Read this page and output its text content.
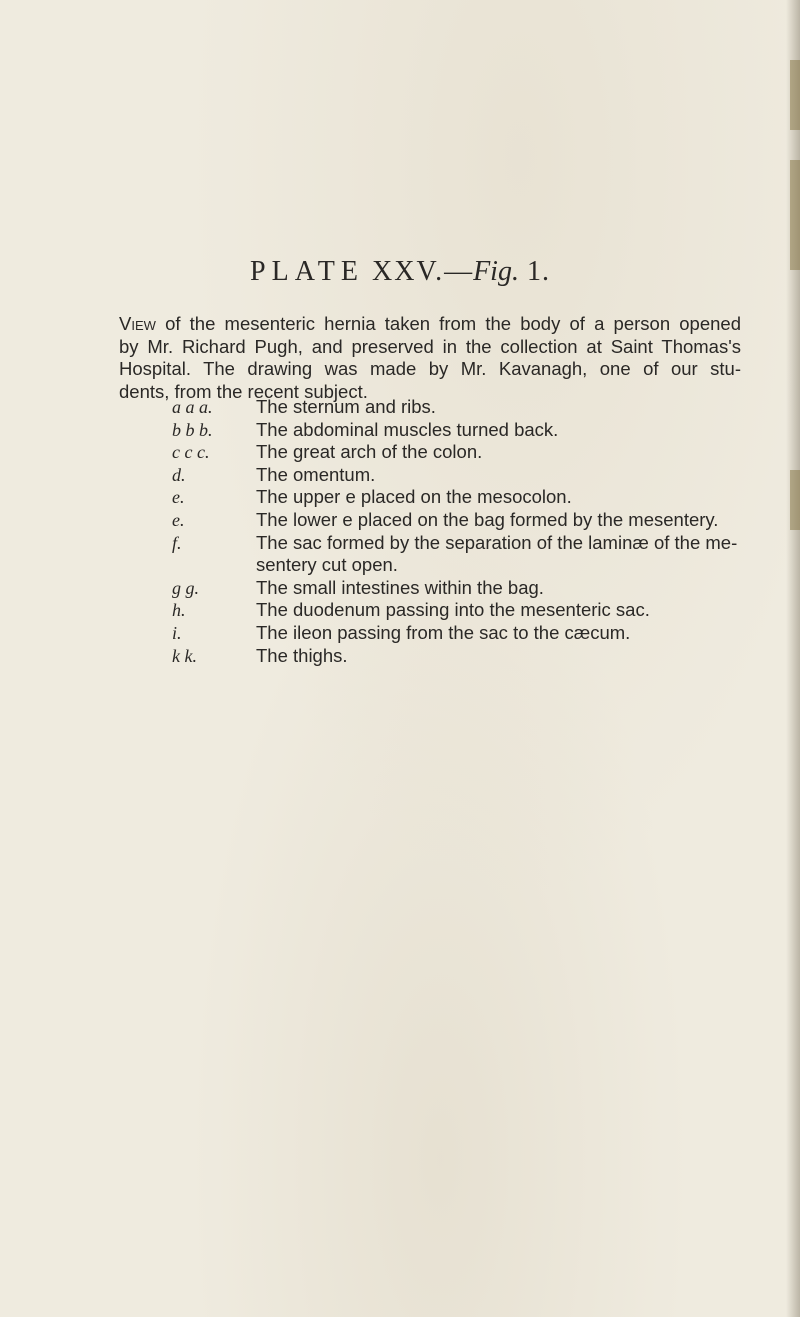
PLATE XXV.—Fig. 1.

View of the mesenteric hernia taken from the body of a person opened
by Mr. Richard Pugh, and preserved in the collection at Saint Thomas's
Hospital. The drawing was made by Mr. Kavanagh, one of our stu-
dents, from the recent subject.

a a a.	The sternum and ribs.
b b b.	The abdominal muscles turned back.
c c c.	The great arch of the colon.
d.	The omentum.
e.	The upper e placed on the mesocolon.
e.	The lower e placed on the bag formed by the mesentery.
f.	The sac formed by the separation of the laminæ of the me-
sentery cut open.
g g.	The small intestines within the bag.
h.	The duodenum passing into the mesenteric sac.
i.	The ileon passing from the sac to the cæcum.
k k.	The thighs.
